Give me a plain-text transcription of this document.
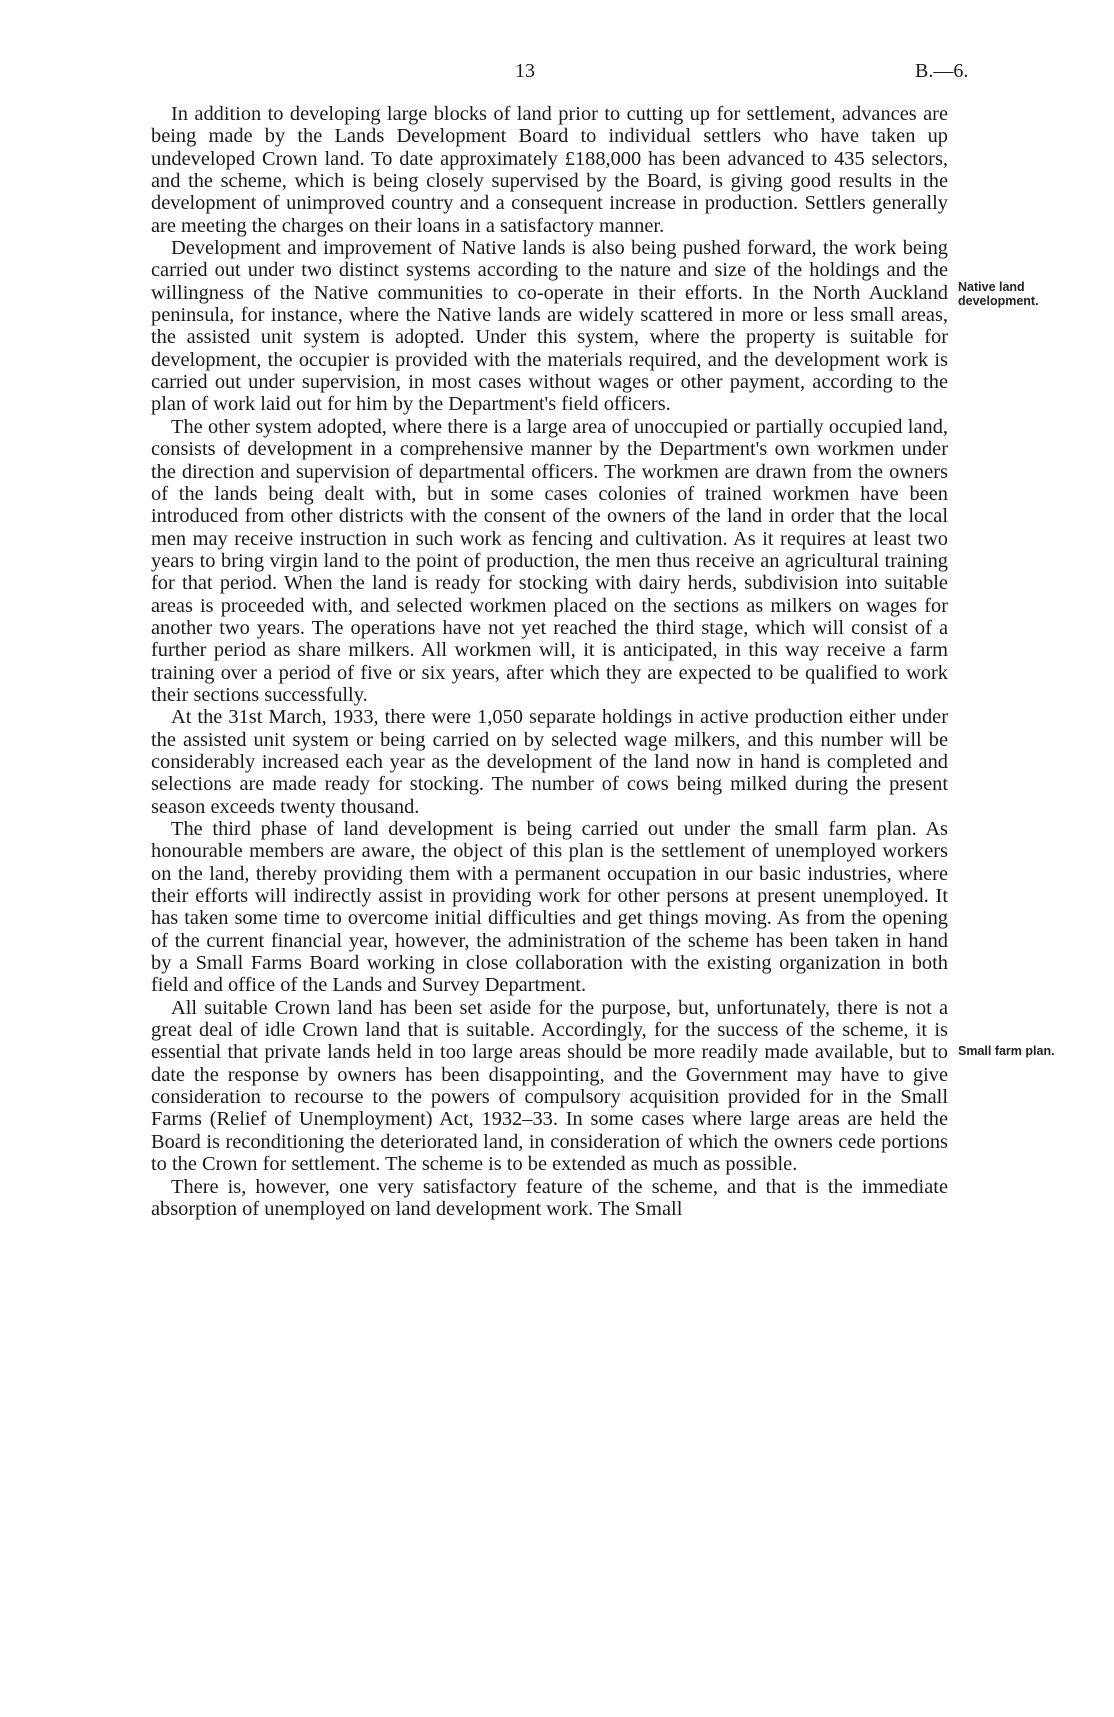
13	B.—6.

In addition to developing large blocks of land prior to cutting up for settlement, advances are being made by the Lands Development Board to individual settlers who have taken up undeveloped Crown land. To date approximately £188,000 has been advanced to 435 selectors, and the scheme, which is being closely supervised by the Board, is giving good results in the development of unimproved country and a consequent increase in production. Settlers generally are meeting the charges on their loans in a satisfactory manner.

Development and improvement of Native lands is also being pushed forward, the work being carried out under two distinct systems according to the nature and size of the holdings and the willingness of the Native communities to co-operate in their efforts. In the North Auckland peninsula, for instance, where the Native lands are widely scattered in more or less small areas, the assisted unit system is adopted. Under this system, where the property is suitable for development, the occupier is provided with the materials required, and the development work is carried out under supervision, in most cases without wages or other payment, according to the plan of work laid out for him by the Department's field officers.

The other system adopted, where there is a large area of unoccupied or partially occupied land, consists of development in a comprehensive manner by the Department's own workmen under the direction and supervision of departmental officers. The workmen are drawn from the owners of the lands being dealt with, but in some cases colonies of trained workmen have been introduced from other districts with the consent of the owners of the land in order that the local men may receive instruction in such work as fencing and cultivation. As it requires at least two years to bring virgin land to the point of production, the men thus receive an agricultural training for that period. When the land is ready for stocking with dairy herds, subdivision into suitable areas is proceeded with, and selected workmen placed on the sections as milkers on wages for another two years. The operations have not yet reached the third stage, which will consist of a further period as share milkers. All workmen will, it is anticipated, in this way receive a farm training over a period of five or six years, after which they are expected to be qualified to work their sections successfully.

At the 31st March, 1933, there were 1,050 separate holdings in active production either under the assisted unit system or being carried on by selected wage milkers, and this number will be considerably increased each year as the development of the land now in hand is completed and selections are made ready for stocking. The number of cows being milked during the present season exceeds twenty thousand.

The third phase of land development is being carried out under the small farm plan. As honourable members are aware, the object of this plan is the settlement of unemployed workers on the land, thereby providing them with a permanent occupation in our basic industries, where their efforts will indirectly assist in providing work for other persons at present unemployed. It has taken some time to overcome initial difficulties and get things moving. As from the opening of the current financial year, however, the administration of the scheme has been taken in hand by a Small Farms Board working in close collaboration with the existing organization in both field and office of the Lands and Survey Department.

All suitable Crown land has been set aside for the purpose, but, unfortunately, there is not a great deal of idle Crown land that is suitable. Accordingly, for the success of the scheme, it is essential that private lands held in too large areas should be more readily made available, but to date the response by owners has been disappointing, and the Government may have to give consideration to recourse to the powers of compulsory acquisition provided for in the Small Farms (Relief of Unemployment) Act, 1932–33. In some cases where large areas are held the Board is reconditioning the deteriorated land, in consideration of which the owners cede portions to the Crown for settlement. The scheme is to be extended as much as possible.

There is, however, one very satisfactory feature of the scheme, and that is the immediate absorption of unemployed on land development work. The Small

Native land development.
Small farm plan.
